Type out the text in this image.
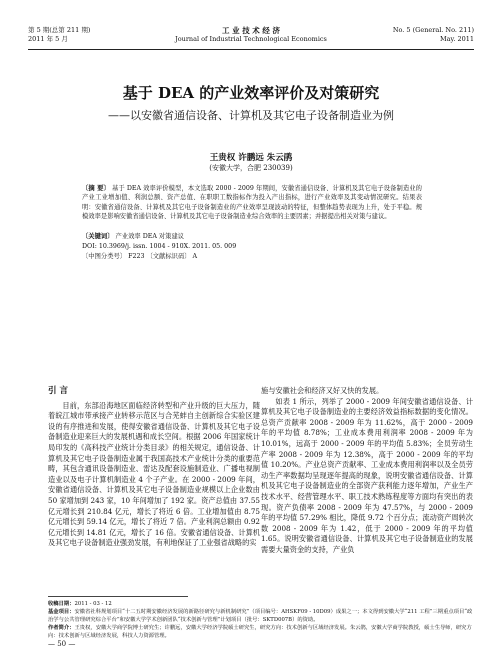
第 5 期(总第 211 期)
2011 年 5 月
工 业 技 术 经 济
Journal of Industrial Technological Economics
No. 5 (General. No. 211)
May. 2011
基于 DEA 的产业效率评价及对策研究
——以安徽省通信设备、计算机及其它电子设备制造业为例
王贵权 许鹏远 朱云鹃
(安徽大学，合肥 230039)
〔摘 要〕 基于 DEA 效率评价模型，本文选取 2000 - 2009 年期间，安徽省通信设备、计算机及其它电子设备制造业的产业工业增加值、利润总额、资产总值、在职职工数指标作为投入产出指标，进行产业效率及其变动情况研究。结果表明：安徽省通信设备、计算机及其它电子设备制造业的产业效率呈现波动的特征，但整体趋势表现为上升，处于平稳。规模效率是影响安徽省通信设备、计算机及其它电子设备制造业综合效率的主要因素；并据提出相关对策与建议。
〔关键词〕 产业效率 DEA 对策建议
DOI: 10.3969/j. issn. 1004 - 910X. 2011. 05. 009
〔中图分类号〕 F223 〔文献标识码〕 A
引 言

目前，东部沿海地区面临经济转型和产业升级的巨大压力，随着皖江城市带承接产业转移示范区与合芜蚌自主创新综合实验区建设的有序推进和发展，使得安徽省通信设备、计算机及其它电子设备制造业迎来巨大的发展机遇和成长空间。根据 2006 年国家统计局印发的《高科技产业统计分类目录》的相关规定，通信设备、计算机及其它电子设备制造业属于我国高技术产业统计分类的重要范畴，其包含通讯设备制造业、雷达及配套设施制造业、广播电视制造业以及电子计算机制造业 4 个子产业。在 2000 - 2009 年间，安徽省通信设备、计算机及其它电子设备制造业规模以上企业数由 50 家增加到 243 家，10 年间增加了 192 家。资产总值由 37.55 亿元增长到 210.84 亿元，增长了将近 6 倍。工业增加值由 8.75 亿元增长到 59.14 亿元，增长了将近 7 倍。产业利润总额由 0.92 亿元增长到 14.81 亿元，增长了 16 倍。安徽省通信设备、计算机及其它电子设备制造业强劲发展，有利地保证了工业强省战略的实

施与安徽社会和经济又好又快的发展。

如表 1 所示，列举了 2000 - 2009 年间安徽省通信设备、计算机及其它电子设备制造业的主要经济效益指标数据的变化情况。总资产贡献率 2008 - 2009 年为 11.62%，高于 2000 - 2009 年的平均值 8.78%；工业成本费用利润率 2008 - 2009 年为 10.01%，远高于 2000 - 2009 年的平均值 5.83%；全员劳动生产率 2008 - 2009 年为 12.38%，高于 2000 - 2009 年的平均值 10.20%。产业总资产贡献率、工业成本费用利润率以及全员劳动生产率数据均呈现逐年提高的现象，说明安徽省通信设备、计算机及其它电子设备制造业的全部资产获利能力逐年增加，产业生产技术水平、经营管理水平、职工技术熟练程度等方面均有突出的表现。资产负债率 2008 - 2009 年为 47.57%，与 2000 - 2009 年的平均值 57.29% 相比，降低 9.72 个百分点；流动资产周转次数 2008 - 2009 年为 1.42，低于 2000 - 2009 年的平均值 1.65。说明安徽省通信设备、计算机及其它电子设备制造业的发展需要大量资金的支持，产业负

收稿日期：2011 - 03 - 12
基金项目：安徽省社科规划项目“十二五时期安徽经济发展的新路径研究与新机制研究”（项目编号：AHSKF09 - 10D09）成果之一；本文得到安徽大学“211 工程”三期重点项目“政治学与公共管理研究综合平台”和安徽大学学术创新团队“技术创新与管理”计划项目（批号：SKTD007B）的资助。
作者简介：王贵权，安徽大学商学院博士研究生；许鹏远，安徽大学经济学院硕士研究生，研究方向：技术创新与区域经济发展。朱云鹃，安徽大学商学院教授，硕士生导师，研究方向：技术创新与区域经济发展，科技人力资源管理。
— 50 —
